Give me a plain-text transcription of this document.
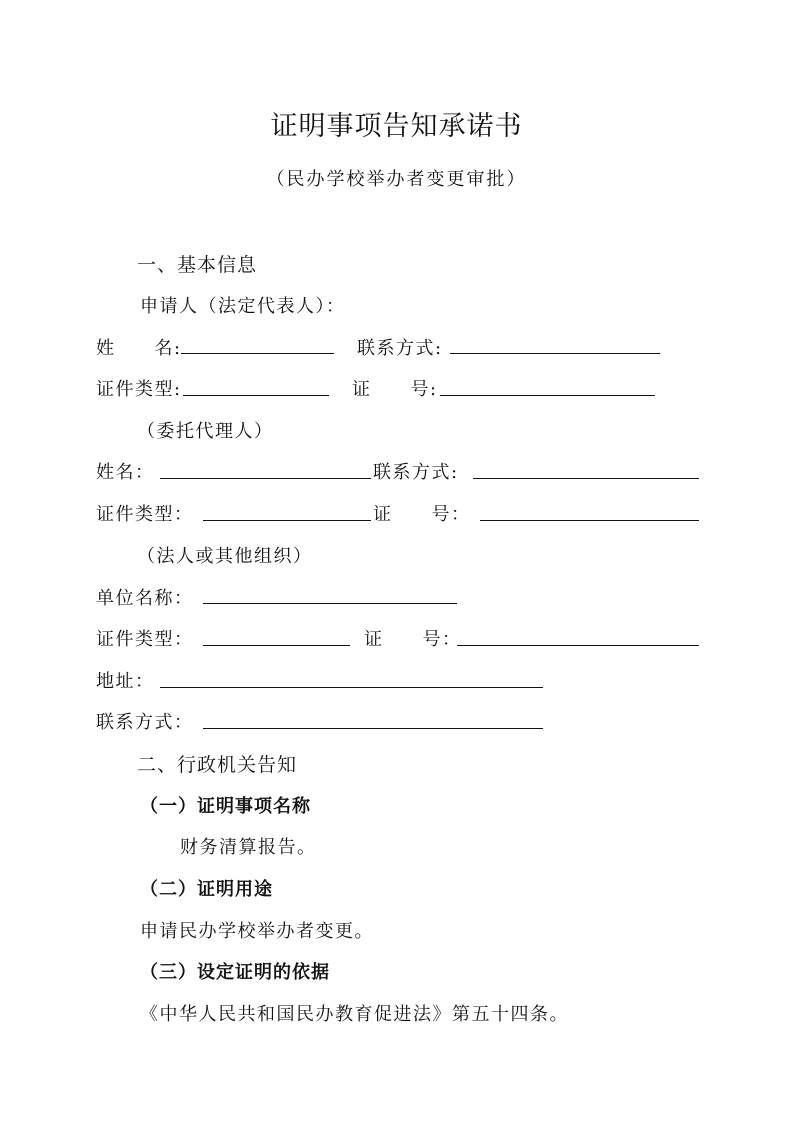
证明事项告知承诺书
（民办学校举办者变更审批）
一、基本信息
申请人（法定代表人）：
姓　　名:	联系方式:
证件类型:	证　　号:
（委托代理人）
姓名：	联系方式:
证件类型：	证　　号：
（法人或其他组织）
单位名称：
证件类型：	证　　号：
地址：
联系方式：
二、行政机关告知
（一）证明事项名称
财务清算报告。
（二）证明用途
申请民办学校举办者变更。
（三）设定证明的依据
《中华人民共和国民办教育促进法》第五十四条。
